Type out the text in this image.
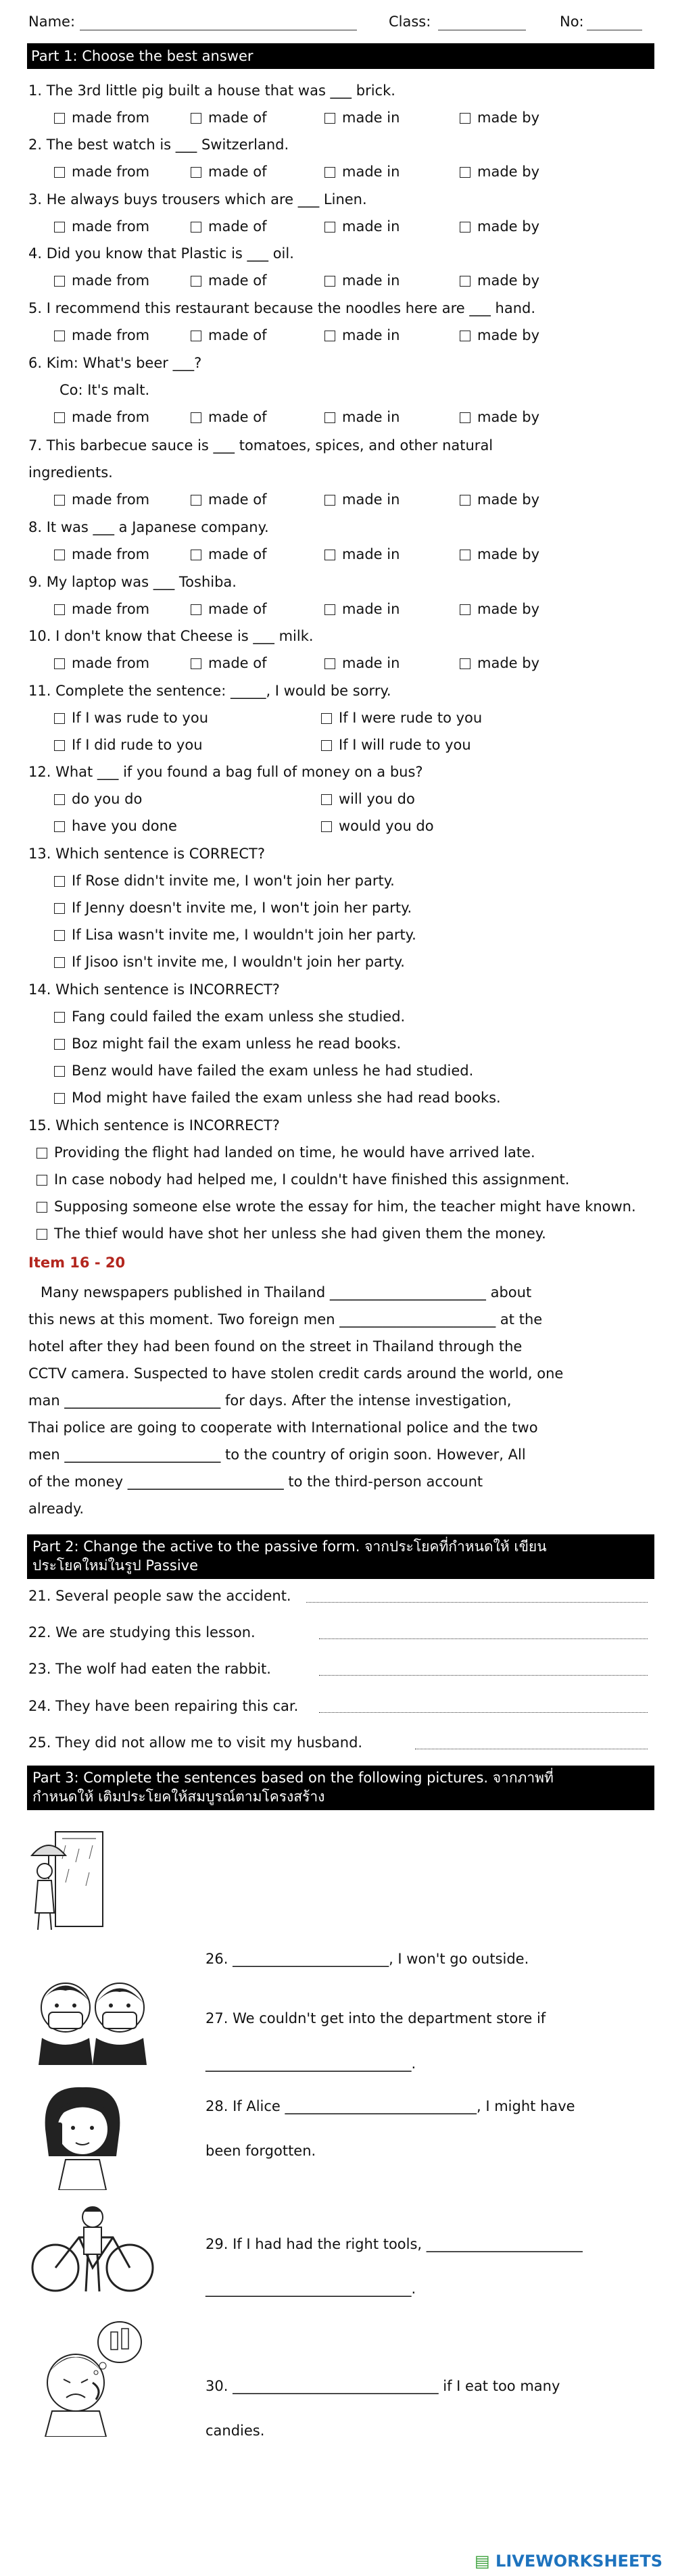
Name:	Class:	No:
Part 1: Choose the best answer
1. The 3rd little pig built a house that was ___ brick.
2. The best watch is ___ Switzerland.
3. He always buys trousers which are ___ Linen.
4. Did you know that Plastic is ___ oil.
5. I recommend this restaurant because the noodles here are ___ hand.
6. Kim: What's beer ___?
Co: It's malt.
7. This barbecue sauce is ___ tomatoes, spices, and other natural
ingredients.
8. It was ___ a Japanese company.
9. My laptop was ___ Toshiba.
10. I don't know that Cheese is ___ milk.
made from	made of	made in	made by
made from	made of	made in	made by
made from	made of	made in	made by
made from	made of	made in	made by
made from	made of	made in	made by
made from	made of	made in	made by
made from	made of	made in	made by
made from	made of	made in	made by
made from	made of	made in	made by
made from	made of	made in	made by
11. Complete the sentence: _____, I would be sorry.
If I was rude to you	If I were rude to you
If I did rude to you	If I will rude to you
12. What ___ if you found a bag full of money on a bus?
do you do	will you do
have you done	would you do
13. Which sentence is CORRECT?
If Rose didn't invite me, I won't join her party.
If Jenny doesn't invite me, I won't join her party.
If Lisa wasn't invite me, I wouldn't join her party.
If Jisoo isn't invite me, I wouldn't join her party.
14. Which sentence is INCORRECT?
Fang could failed the exam unless she studied.
Boz might fail the exam unless he read books.
Benz would have failed the exam unless he had studied.
Mod might have failed the exam unless she had read books.
15. Which sentence is INCORRECT?
Providing the flight had landed on time, he would have arrived late.
In case nobody had helped me, I couldn't have finished this assignment.
Supposing someone else wrote the essay for him, the teacher might have known.
The thief would have shot her unless she had given them the money.
Item 16 - 20

Many newspapers published in Thailand ______________________ about

this news at this moment. Two foreign men ______________________ at the

hotel after they had been found on the street in Thailand through the

CCTV camera. Suspected to have stolen credit cards around the world, one

man ______________________ for days. After the intense investigation,

Thai police are going to cooperate with International police and the two

men ______________________ to the country of origin soon. However, All

of the money ______________________ to the third-person account

already.

Part 2: Change the active to the passive form. จากประโยคที่กำหนดให้ เขียน
ประโยคใหม่ในรูป Passive
21. Several people saw the accident.
22. We are studying this lesson.
23. The wolf had eaten the rabbit.
24. They have been repairing this car.
25. They did not allow me to visit my husband.
Part 3: Complete the sentences based on the following pictures. จากภาพที่
กำหนดให้ เติมประโยคให้สมบูรณ์ตามโครงสร้าง
26. ______________________, I won't go outside.
27. We couldn't get into the department store if
_____________________________.
28. If Alice ___________________________, I might have
been forgotten.
29. If I had had the right tools, ______________________
_____________________________.
30. _____________________________ if I eat too many
candies.
▤ LIVEWORKSHEETS
